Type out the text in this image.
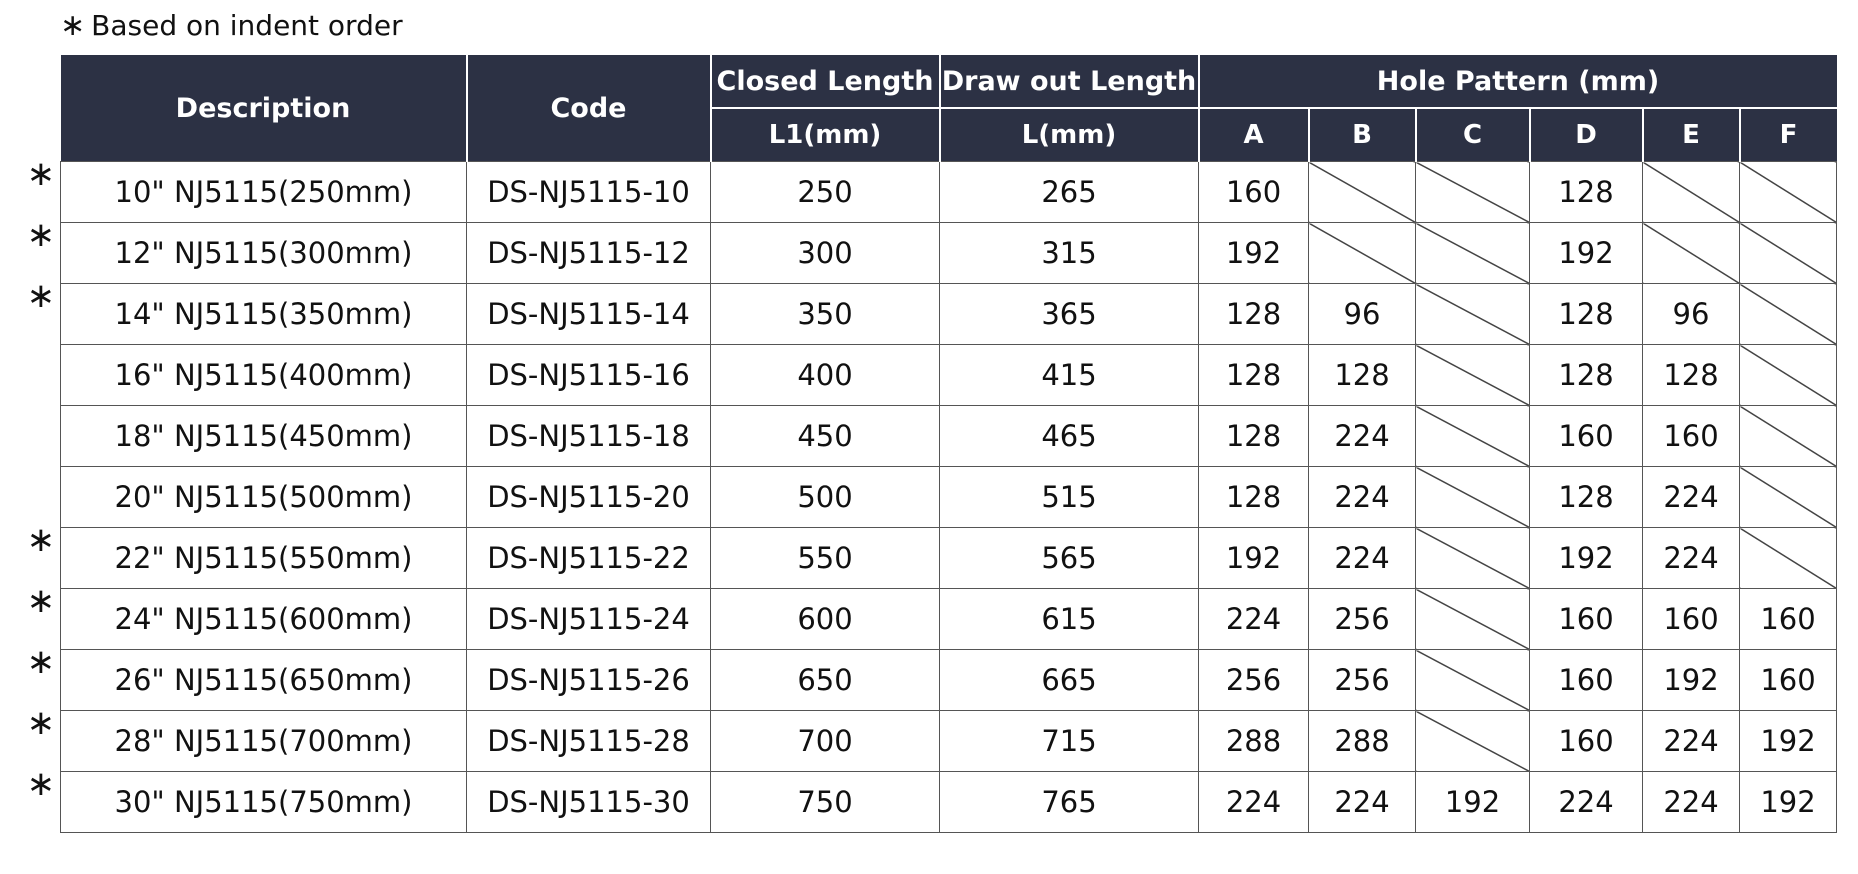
∗ Based on indent order
∗
∗
∗
∗
∗
∗
∗
∗
Description	Code	Closed Length	Draw out Length	Hole Pattern (mm)					
		L1(mm)	L(mm)	A	B	C	D	E	F
10" NJ5115(250mm)	DS-NJ5115-10	250	265	160			128		
12" NJ5115(300mm)	DS-NJ5115-12	300	315	192			192		
14" NJ5115(350mm)	DS-NJ5115-14	350	365	128	96		128	96	
16" NJ5115(400mm)	DS-NJ5115-16	400	415	128	128		128	128	
18" NJ5115(450mm)	DS-NJ5115-18	450	465	128	224		160	160	
20" NJ5115(500mm)	DS-NJ5115-20	500	515	128	224		128	224	
22" NJ5115(550mm)	DS-NJ5115-22	550	565	192	224		192	224	
24" NJ5115(600mm)	DS-NJ5115-24	600	615	224	256		160	160	160
26" NJ5115(650mm)	DS-NJ5115-26	650	665	256	256		160	192	160
28" NJ5115(700mm)	DS-NJ5115-28	700	715	288	288		160	224	192
30" NJ5115(750mm)	DS-NJ5115-30	750	765	224	224	192	224	224	192
